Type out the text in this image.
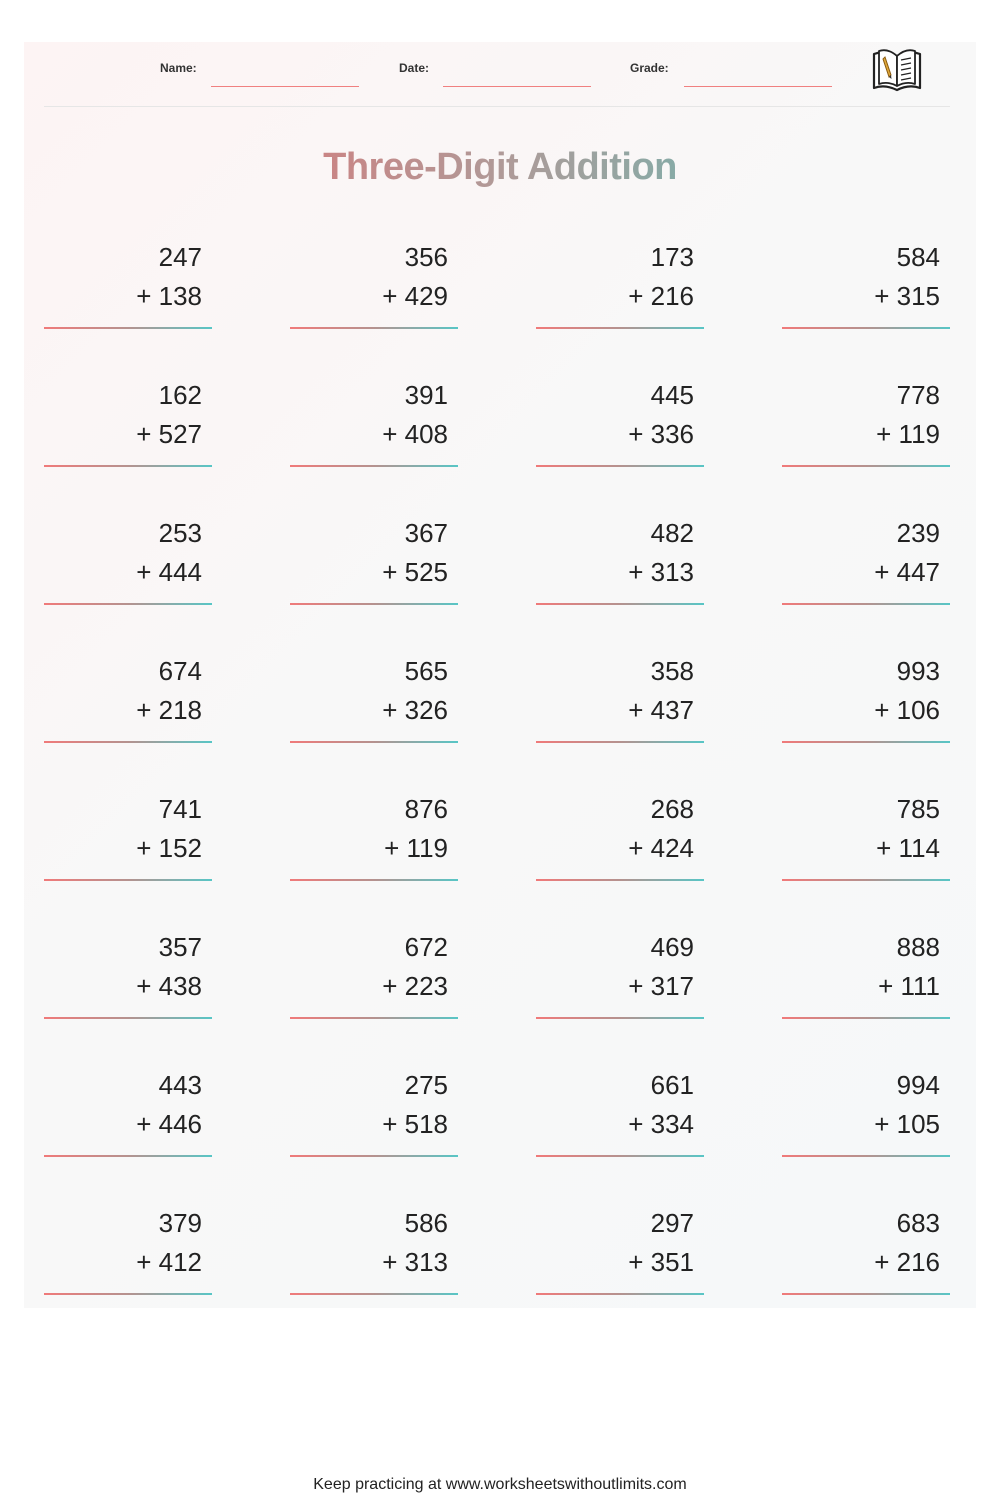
Name:	Date:	Grade:
Three-Digit Addition
247
+ 138
356
+ 429
173
+ 216
584
+ 315
162
+ 527
391
+ 408
445
+ 336
778
+ 119
253
+ 444
367
+ 525
482
+ 313
239
+ 447
674
+ 218
565
+ 326
358
+ 437
993
+ 106
741
+ 152
876
+ 119
268
+ 424
785
+ 114
357
+ 438
672
+ 223
469
+ 317
888
+ 111
443
+ 446
275
+ 518
661
+ 334
994
+ 105
379
+ 412
586
+ 313
297
+ 351
683
+ 216
Keep practicing at www.worksheetswithoutlimits.com
